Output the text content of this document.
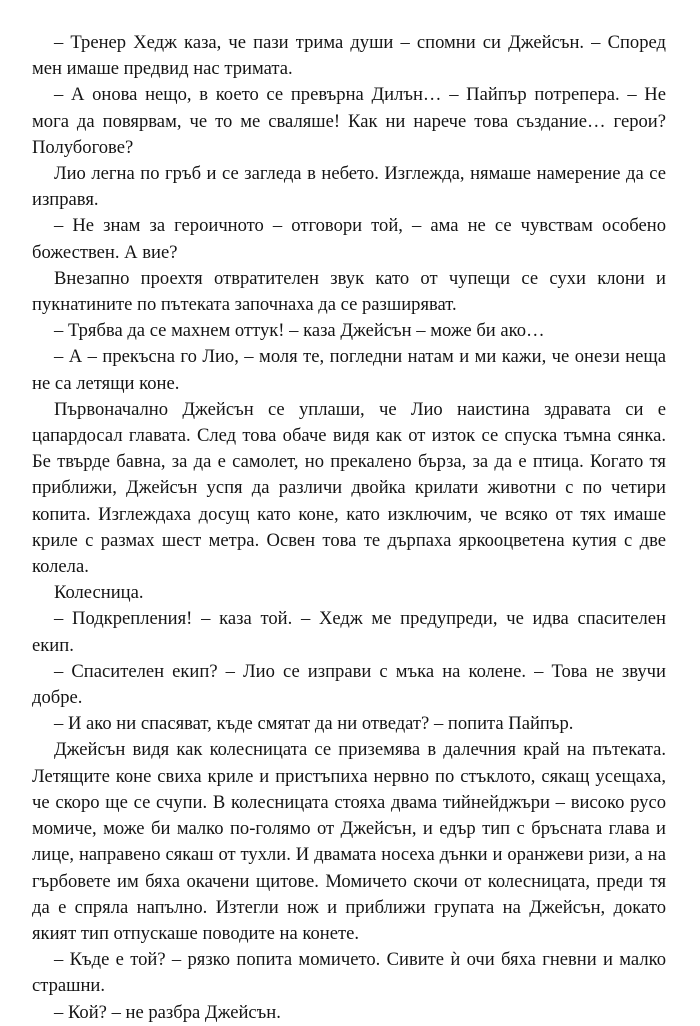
– Тренер Хедж каза, че пази трима души – спомни си Джейсън. – Според мен имаше предвид нас тримата.

– А онова нещо, в което се превърна Дилън… – Пайпър потрепера. – Не мога да повярвам, че то ме сваляше! Как ни нарече това създание… герои? Полубогове?

Лио легна по гръб и се загледа в небето. Изглежда, нямаше намерение да се изправя.

– Не знам за героичното – отговори той, – ама не се чувствам особено божествен. А вие?

Внезапно проехтя отвратителен звук като от чупещи се сухи клони и пукнатините по пътеката започнаха да се разширяват.

– Трябва да се махнем оттук! – каза Джейсън – може би ако…

– А – прекъсна го Лио, – моля те, погледни натам и ми кажи, че онези неща не са летящи коне.

Първоначално Джейсън се уплаши, че Лио наистина здравата си е цапардосал главата. След това обаче видя как от изток се спуска тъмна сянка. Бе твърде бавна, за да е самолет, но прекалено бърза, за да е птица. Когато тя приближи, Джейсън успя да различи двойка крилати животни с по четири копита. Изглеждаха досущ като коне, като изключим, че всяко от тях имаше криле с размах шест метра. Освен това те дърпаха яркооцветена кутия с две колела.

Колесница.

– Подкрепления! – каза той. – Хедж ме предупреди, че идва спасителен екип.

– Спасителен екип? – Лио се изправи с мъка на колене. – Това не звучи добре.

– И ако ни спасяват, къде смятат да ни отведат? – попита Пайпър.

Джейсън видя как колесницата се приземява в далечния край на пътеката. Летящите коне свиха криле и пристъпиха нервно по стъклото, сякащ усещаха, че скоро ще се счупи. В колесницата стояха двама тийнейджъри – високо русо момиче, може би малко по-голямо от Джейсън, и едър тип с бръсната глава и лице, направено сякаш от тухли. И двамата носеха дънки и оранжеви ризи, а на гърбовете им бяха окачени щитове. Момичето скочи от колесницата, преди тя да е спряла напълно. Изтегли нож и приближи групата на Джейсън, докато якият тип отпускаше поводите на конете.

– Къде е той? – рязко попита момичето. Сивите ѝ очи бяха гневни и малко страшни.

– Кой? – не разбра Джейсън.
